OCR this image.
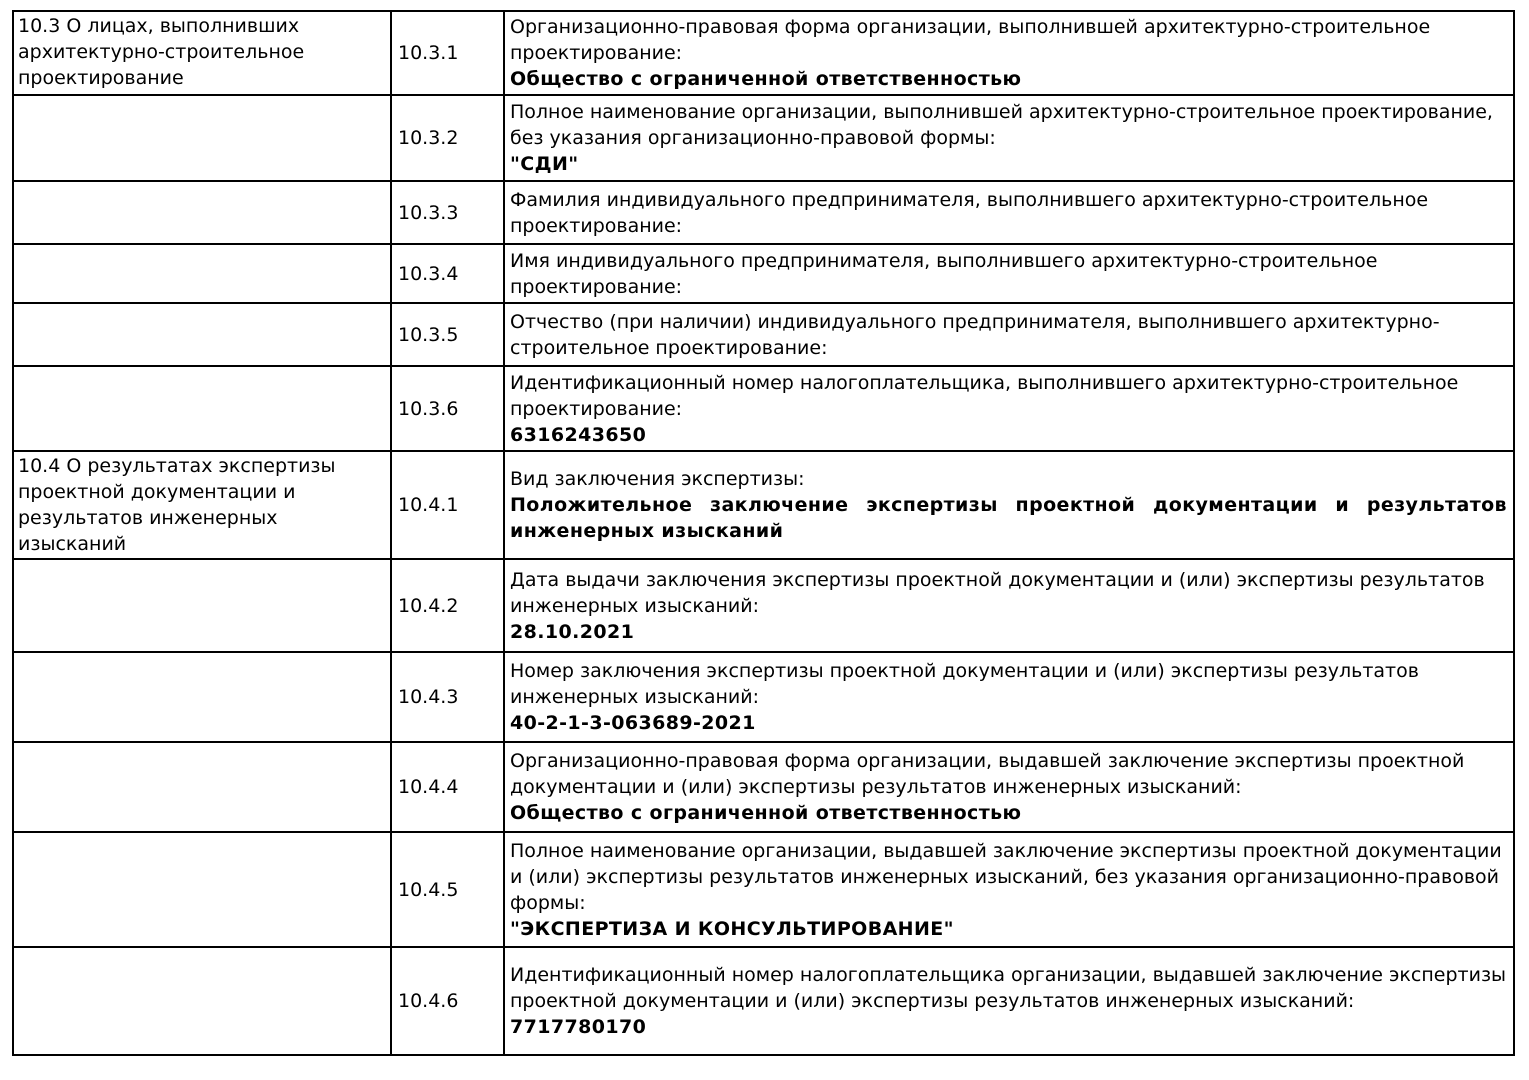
10.3 О лицах, выполнивших архитектурно-строительное проектирование	10.3.1	Организационно-правовая форма организации, выполнившей архитектурно-строительное проектирование:
Общество с ограниченной ответственностью

	10.3.2	Полное наименование организации, выполнившей архитектурно-строительное проектирование, без указания организационно-правовой формы:
"СДИ"

	10.3.3	Фамилия индивидуального предпринимателя, выполнившего архитектурно-строительное проектирование:

	10.3.4	Имя индивидуального предпринимателя, выполнившего архитектурно-строительное проектирование:

	10.3.5	Отчество (при наличии) индивидуального предпринимателя, выполнившего архитектурно-строительное проектирование:

	10.3.6	Идентификационный номер налогоплательщика, выполнившего архитектурно-строительное проектирование:
6316243650

10.4 О результатах экспертизы проектной документации и результатов инженерных изысканий	10.4.1	Вид заключения экспертизы:
Положительное заключение экспертизы проектной документации и результатов инженерных изысканий

	10.4.2	Дата выдачи заключения экспертизы проектной документации и (или) экспертизы результатов инженерных изысканий:
28.10.2021

	10.4.3	Номер заключения экспертизы проектной документации и (или) экспертизы результатов инженерных изысканий:
40-2-1-3-063689-2021

	10.4.4	Организационно-правовая форма организации, выдавшей заключение экспертизы проектной документации и (или) экспертизы результатов инженерных изысканий:
Общество с ограниченной ответственностью

	10.4.5	Полное наименование организации, выдавшей заключение экспертизы проектной документации и (или) экспертизы результатов инженерных изысканий, без указания организационно-правовой формы:
"ЭКСПЕРТИЗА И КОНСУЛЬТИРОВАНИЕ"

	10.4.6	Идентификационный номер налогоплательщика организации, выдавшей заключение экспертизы проектной документации и (или) экспертизы результатов инженерных изысканий:
7717780170
